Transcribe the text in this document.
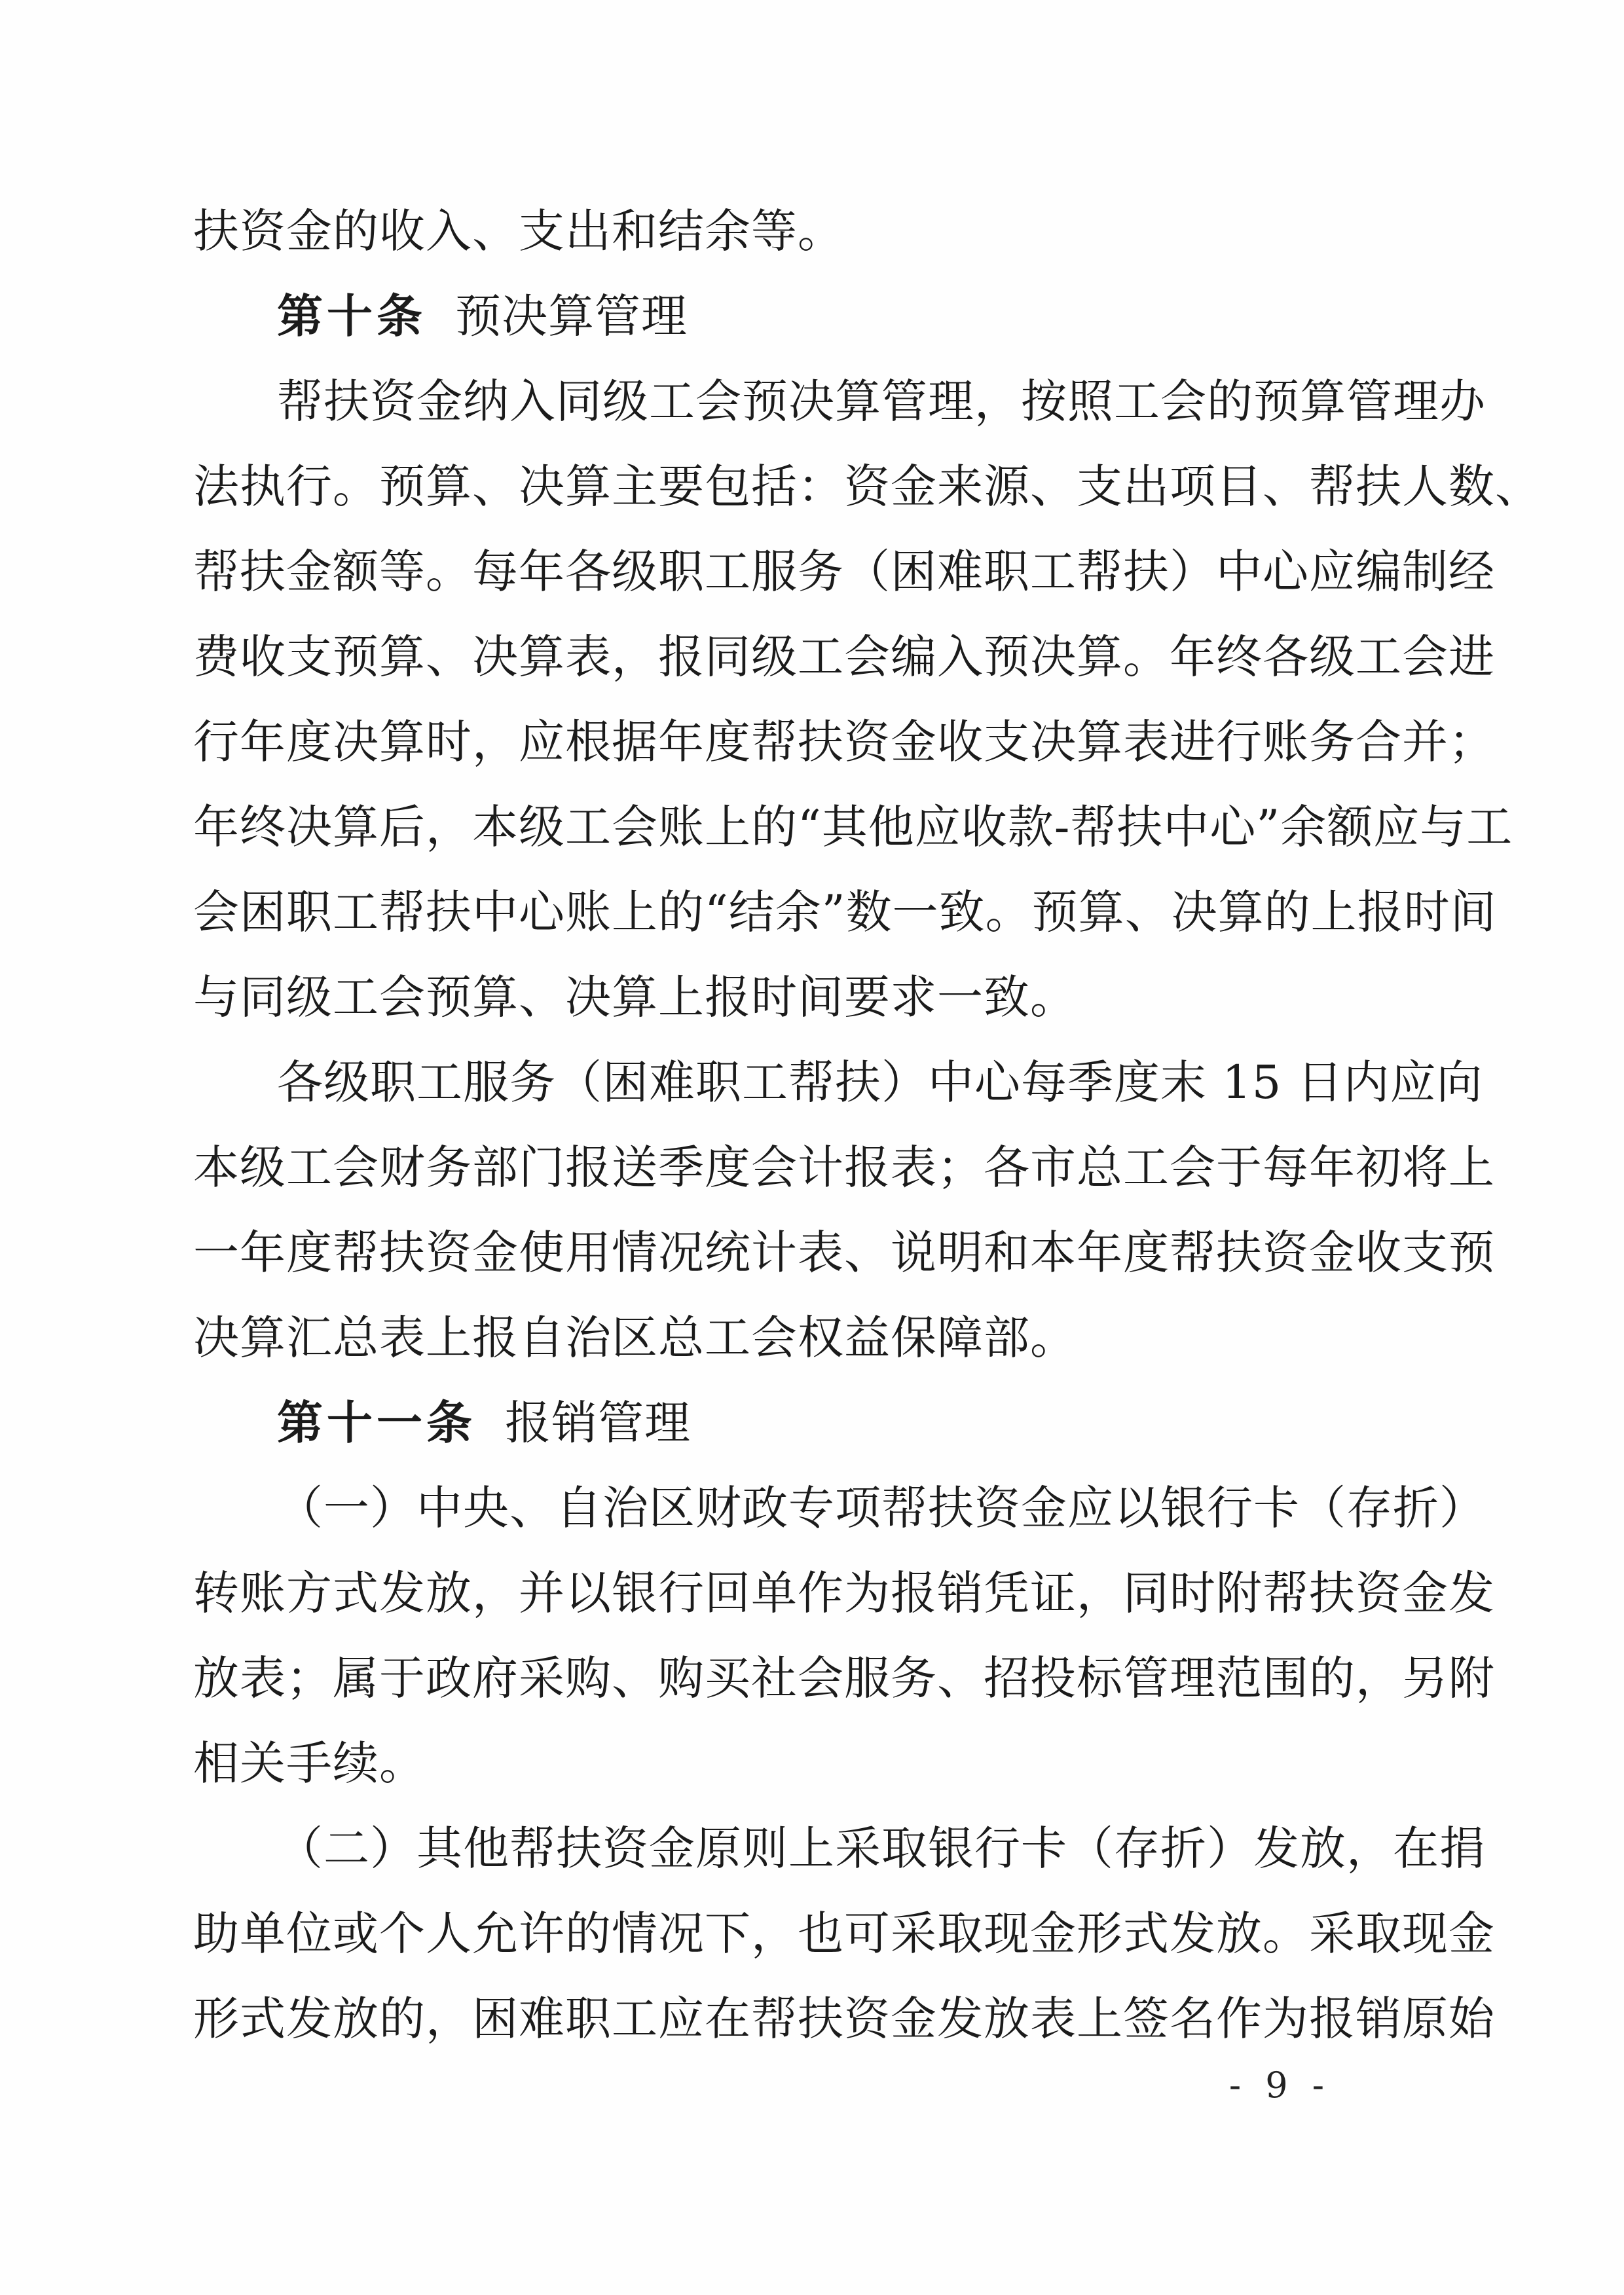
扶资金的收入、支出和结余等。
第十条 预决算管理
帮扶资金纳入同级工会预决算管理，按照工会的预算管理办
法执行。预算、决算主要包括：资金来源、支出项目、帮扶人数、
帮扶金额等。每年各级职工服务（困难职工帮扶）中心应编制经
费收支预算、决算表，报同级工会编入预决算。年终各级工会进
行年度决算时，应根据年度帮扶资金收支决算表进行账务合并；
年终决算后，本级工会账上的“其他应收款-帮扶中心”余额应与工
会困职工帮扶中心账上的“结余”数一致。预算、决算的上报时间
与同级工会预算、决算上报时间要求一致。
各级职工服务（困难职工帮扶）中心每季度末 15 日内应向
本级工会财务部门报送季度会计报表；各市总工会于每年初将上
一年度帮扶资金使用情况统计表、说明和本年度帮扶资金收支预
决算汇总表上报自治区总工会权益保障部。
第十一条 报销管理
（一）中央、自治区财政专项帮扶资金应以银行卡（存折）
转账方式发放，并以银行回单作为报销凭证，同时附帮扶资金发
放表；属于政府采购、购买社会服务、招投标管理范围的，另附
相关手续。
（二）其他帮扶资金原则上采取银行卡（存折）发放，在捐
助单位或个人允许的情况下，也可采取现金形式发放。采取现金
形式发放的，困难职工应在帮扶资金发放表上签名作为报销原始
- 9 -
